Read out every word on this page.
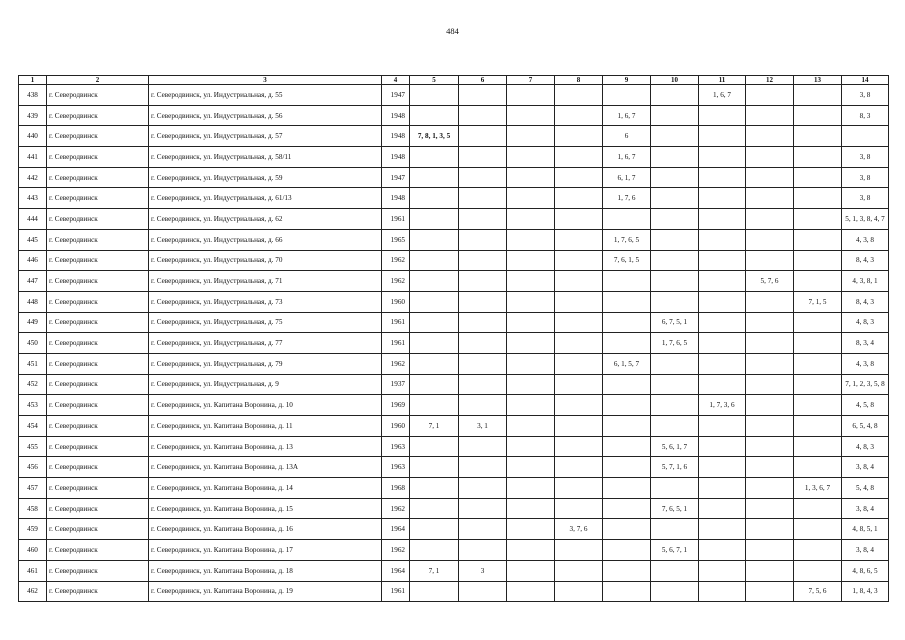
484
1	2	3	4	5	6	7	8	9	10	11	12	13	14
438	г. Северодвинск	г. Северодвинск, ул. Индустриальная, д. 55	1947							1, 6, 7			3, 8
439	г. Северодвинск	г. Северодвинск, ул. Индустриальная, д. 56	1948					1, 6, 7					8, 3
440	г. Северодвинск	г. Северодвинск, ул. Индустриальная, д. 57	1948	7, 8, 1, 3, 5				6					
441	г. Северодвинск	г. Северодвинск, ул. Индустриальная, д. 58/11	1948					1, 6, 7					3, 8
442	г. Северодвинск	г. Северодвинск, ул. Индустриальная, д. 59	1947					6, 1, 7					3, 8
443	г. Северодвинск	г. Северодвинск, ул. Индустриальная, д. 61/13	1948					1, 7, 6					3, 8
444	г. Северодвинск	г. Северодвинск, ул. Индустриальная, д. 62	1961										5, 1, 3, 8, 4, 7
445	г. Северодвинск	г. Северодвинск, ул. Индустриальная, д. 66	1965					1, 7, 6, 5					4, 3, 8
446	г. Северодвинск	г. Северодвинск, ул. Индустриальная, д. 70	1962					7, 6, 1, 5					8, 4, 3
447	г. Северодвинск	г. Северодвинск, ул. Индустриальная, д. 71	1962								5, 7, 6		4, 3, 8, 1
448	г. Северодвинск	г. Северодвинск, ул. Индустриальная, д. 73	1960									7, 1, 5	8, 4, 3
449	г. Северодвинск	г. Северодвинск, ул. Индустриальная, д. 75	1961						6, 7, 5, 1				4, 8, 3
450	г. Северодвинск	г. Северодвинск, ул. Индустриальная, д. 77	1961						1, 7, 6, 5				8, 3, 4
451	г. Северодвинск	г. Северодвинск, ул. Индустриальная, д. 79	1962					6, 1, 5, 7					4, 3, 8
452	г. Северодвинск	г. Северодвинск, ул. Индустриальная, д. 9	1937										7, 1, 2, 3, 5, 8
453	г. Северодвинск	г. Северодвинск, ул. Капитана Воронина, д. 10	1969							1, 7, 3, 6			4, 5, 8
454	г. Северодвинск	г. Северодвинск, ул. Капитана Воронина, д. 11	1960	7, 1	3, 1								6, 5, 4, 8
455	г. Северодвинск	г. Северодвинск, ул. Капитана Воронина, д. 13	1963						5, 6, 1, 7				4, 8, 3
456	г. Северодвинск	г. Северодвинск, ул. Капитана Воронина, д. 13А	1963						5, 7, 1, 6				3, 8, 4
457	г. Северодвинск	г. Северодвинск, ул. Капитана Воронина, д. 14	1968									1, 3, 6, 7	5, 4, 8
458	г. Северодвинск	г. Северодвинск, ул. Капитана Воронина, д. 15	1962						7, 6, 5, 1				3, 8, 4
459	г. Северодвинск	г. Северодвинск, ул. Капитана Воронина, д. 16	1964				3, 7, 6						4, 8, 5, 1
460	г. Северодвинск	г. Северодвинск, ул. Капитана Воронина, д. 17	1962						5, 6, 7, 1				3, 8, 4
461	г. Северодвинск	г. Северодвинск, ул. Капитана Воронина, д. 18	1964	7, 1	3								4, 8, 6, 5
462	г. Северодвинск	г. Северодвинск, ул. Капитана Воронина, д. 19	1961									7, 5, 6	1, 8, 4, 3
